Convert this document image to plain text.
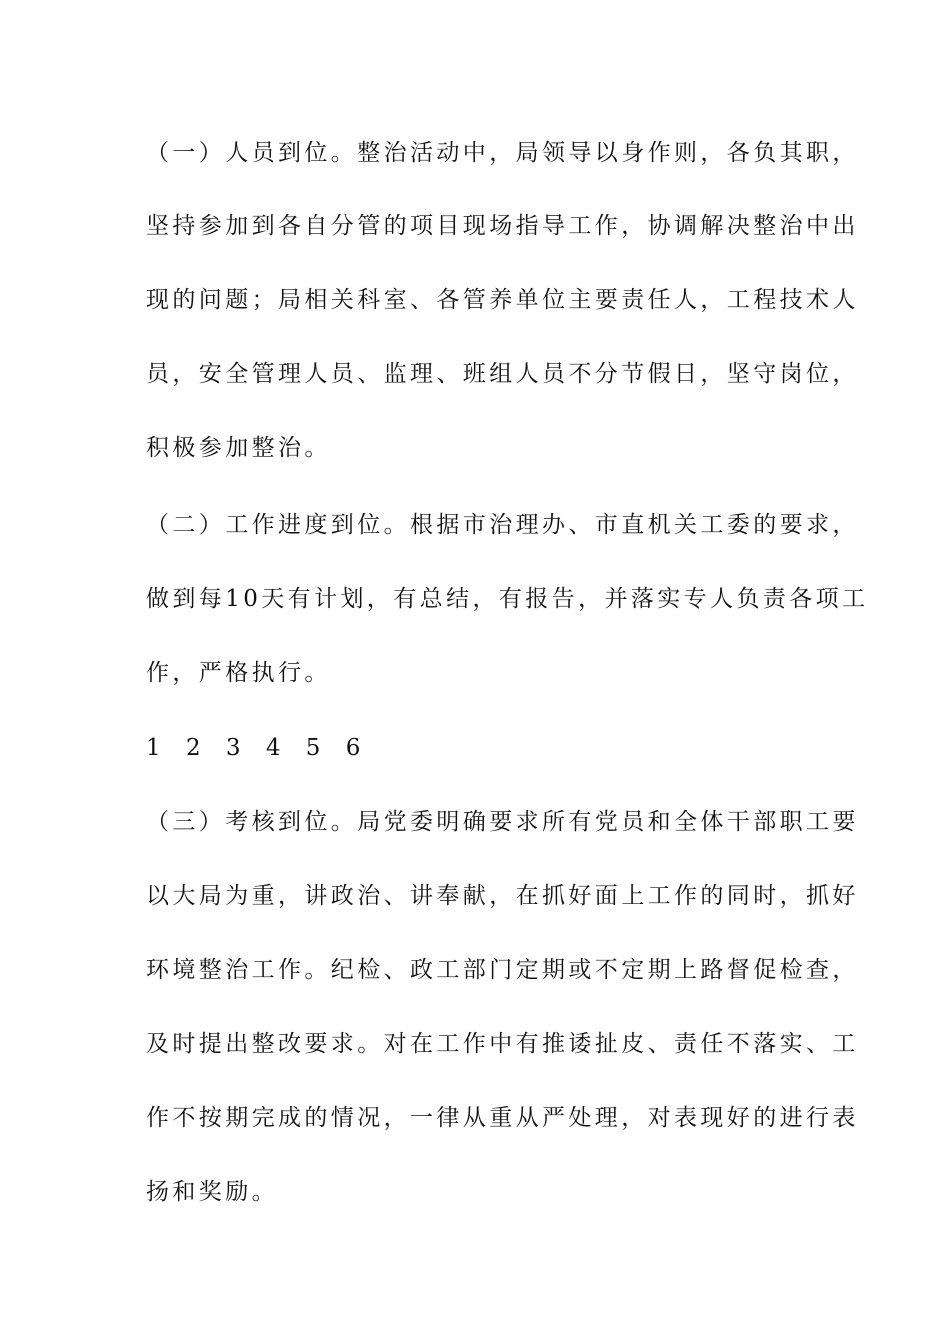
（一）人员到位。整治活动中，局领导以身作则，各负其职，
坚持参加到各自分管的项目现场指导工作，协调解决整治中出
现的问题；局相关科室、各管养单位主要责任人，工程技术人
员，安全管理人员、监理、班组人员不分节假日，坚守岗位，
积极参加整治。
（二）工作进度到位。根据市治理办、市直机关工委的要求，
做到每10天有计划，有总结，有报告，并落实专人负责各项工
作，严格执行。
1 2 3 4 5 6
（三）考核到位。局党委明确要求所有党员和全体干部职工要
以大局为重，讲政治、讲奉献，在抓好面上工作的同时，抓好
环境整治工作。纪检、政工部门定期或不定期上路督促检查，
及时提出整改要求。对在工作中有推诿扯皮、责任不落实、工
作不按期完成的情况，一律从重从严处理，对表现好的进行表
扬和奖励。
